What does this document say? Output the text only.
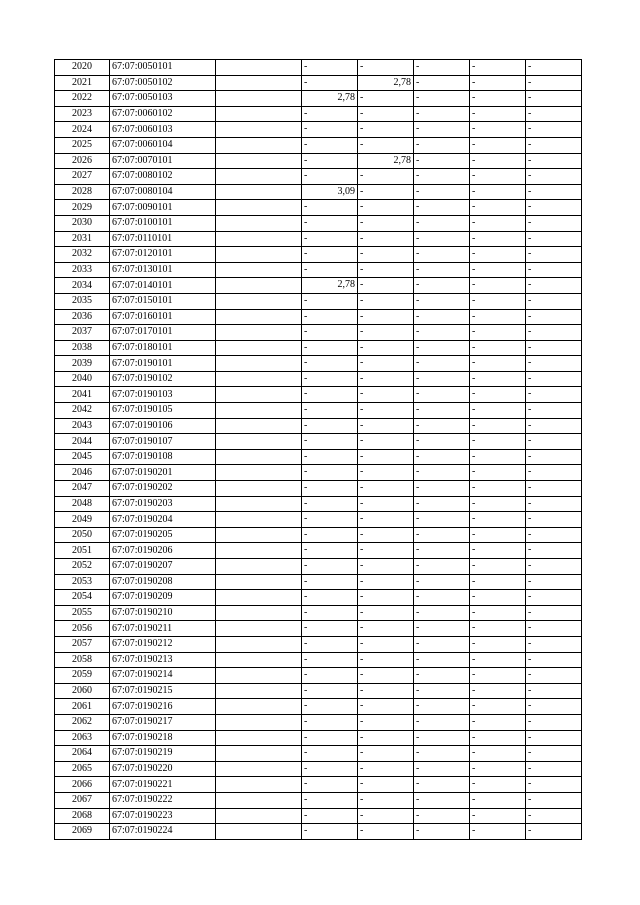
2020	67:07:0050101		-	-	-	-	-

2021	67:07:0050102		-	2,78	-	-	-

2022	67:07:0050103		2,78	-	-	-	-

2023	67:07:0060102		-	-	-	-	-

2024	67:07:0060103		-	-	-	-	-

2025	67:07:0060104		-	-	-	-	-

2026	67:07:0070101		-	2,78	-	-	-

2027	67:07:0080102		-	-	-	-	-

2028	67:07:0080104		3,09	-	-	-	-

2029	67:07:0090101		-	-	-	-	-

2030	67:07:0100101		-	-	-	-	-

2031	67:07:0110101		-	-	-	-	-

2032	67:07:0120101		-	-	-	-	-

2033	67:07:0130101		-	-	-	-	-

2034	67:07:0140101		2,78	-	-	-	-

2035	67:07:0150101		-	-	-	-	-

2036	67:07:0160101		-	-	-	-	-

2037	67:07:0170101		-	-	-	-	-

2038	67:07:0180101		-	-	-	-	-

2039	67:07:0190101		-	-	-	-	-

2040	67:07:0190102		-	-	-	-	-

2041	67:07:0190103		-	-	-	-	-

2042	67:07:0190105		-	-	-	-	-

2043	67:07:0190106		-	-	-	-	-

2044	67:07:0190107		-	-	-	-	-

2045	67:07:0190108		-	-	-	-	-

2046	67:07:0190201		-	-	-	-	-

2047	67:07:0190202		-	-	-	-	-

2048	67:07:0190203		-	-	-	-	-

2049	67:07:0190204		-	-	-	-	-

2050	67:07:0190205		-	-	-	-	-

2051	67:07:0190206		-	-	-	-	-

2052	67:07:0190207		-	-	-	-	-

2053	67:07:0190208		-	-	-	-	-

2054	67:07:0190209		-	-	-	-	-

2055	67:07:0190210		-	-	-	-	-

2056	67:07:0190211		-	-	-	-	-

2057	67:07:0190212		-	-	-	-	-

2058	67:07:0190213		-	-	-	-	-

2059	67:07:0190214		-	-	-	-	-

2060	67:07:0190215		-	-	-	-	-

2061	67:07:0190216		-	-	-	-	-

2062	67:07:0190217		-	-	-	-	-

2063	67:07:0190218		-	-	-	-	-

2064	67:07:0190219		-	-	-	-	-

2065	67:07:0190220		-	-	-	-	-

2066	67:07:0190221		-	-	-	-	-

2067	67:07:0190222		-	-	-	-	-

2068	67:07:0190223		-	-	-	-	-

2069	67:07:0190224		-	-	-	-	-
